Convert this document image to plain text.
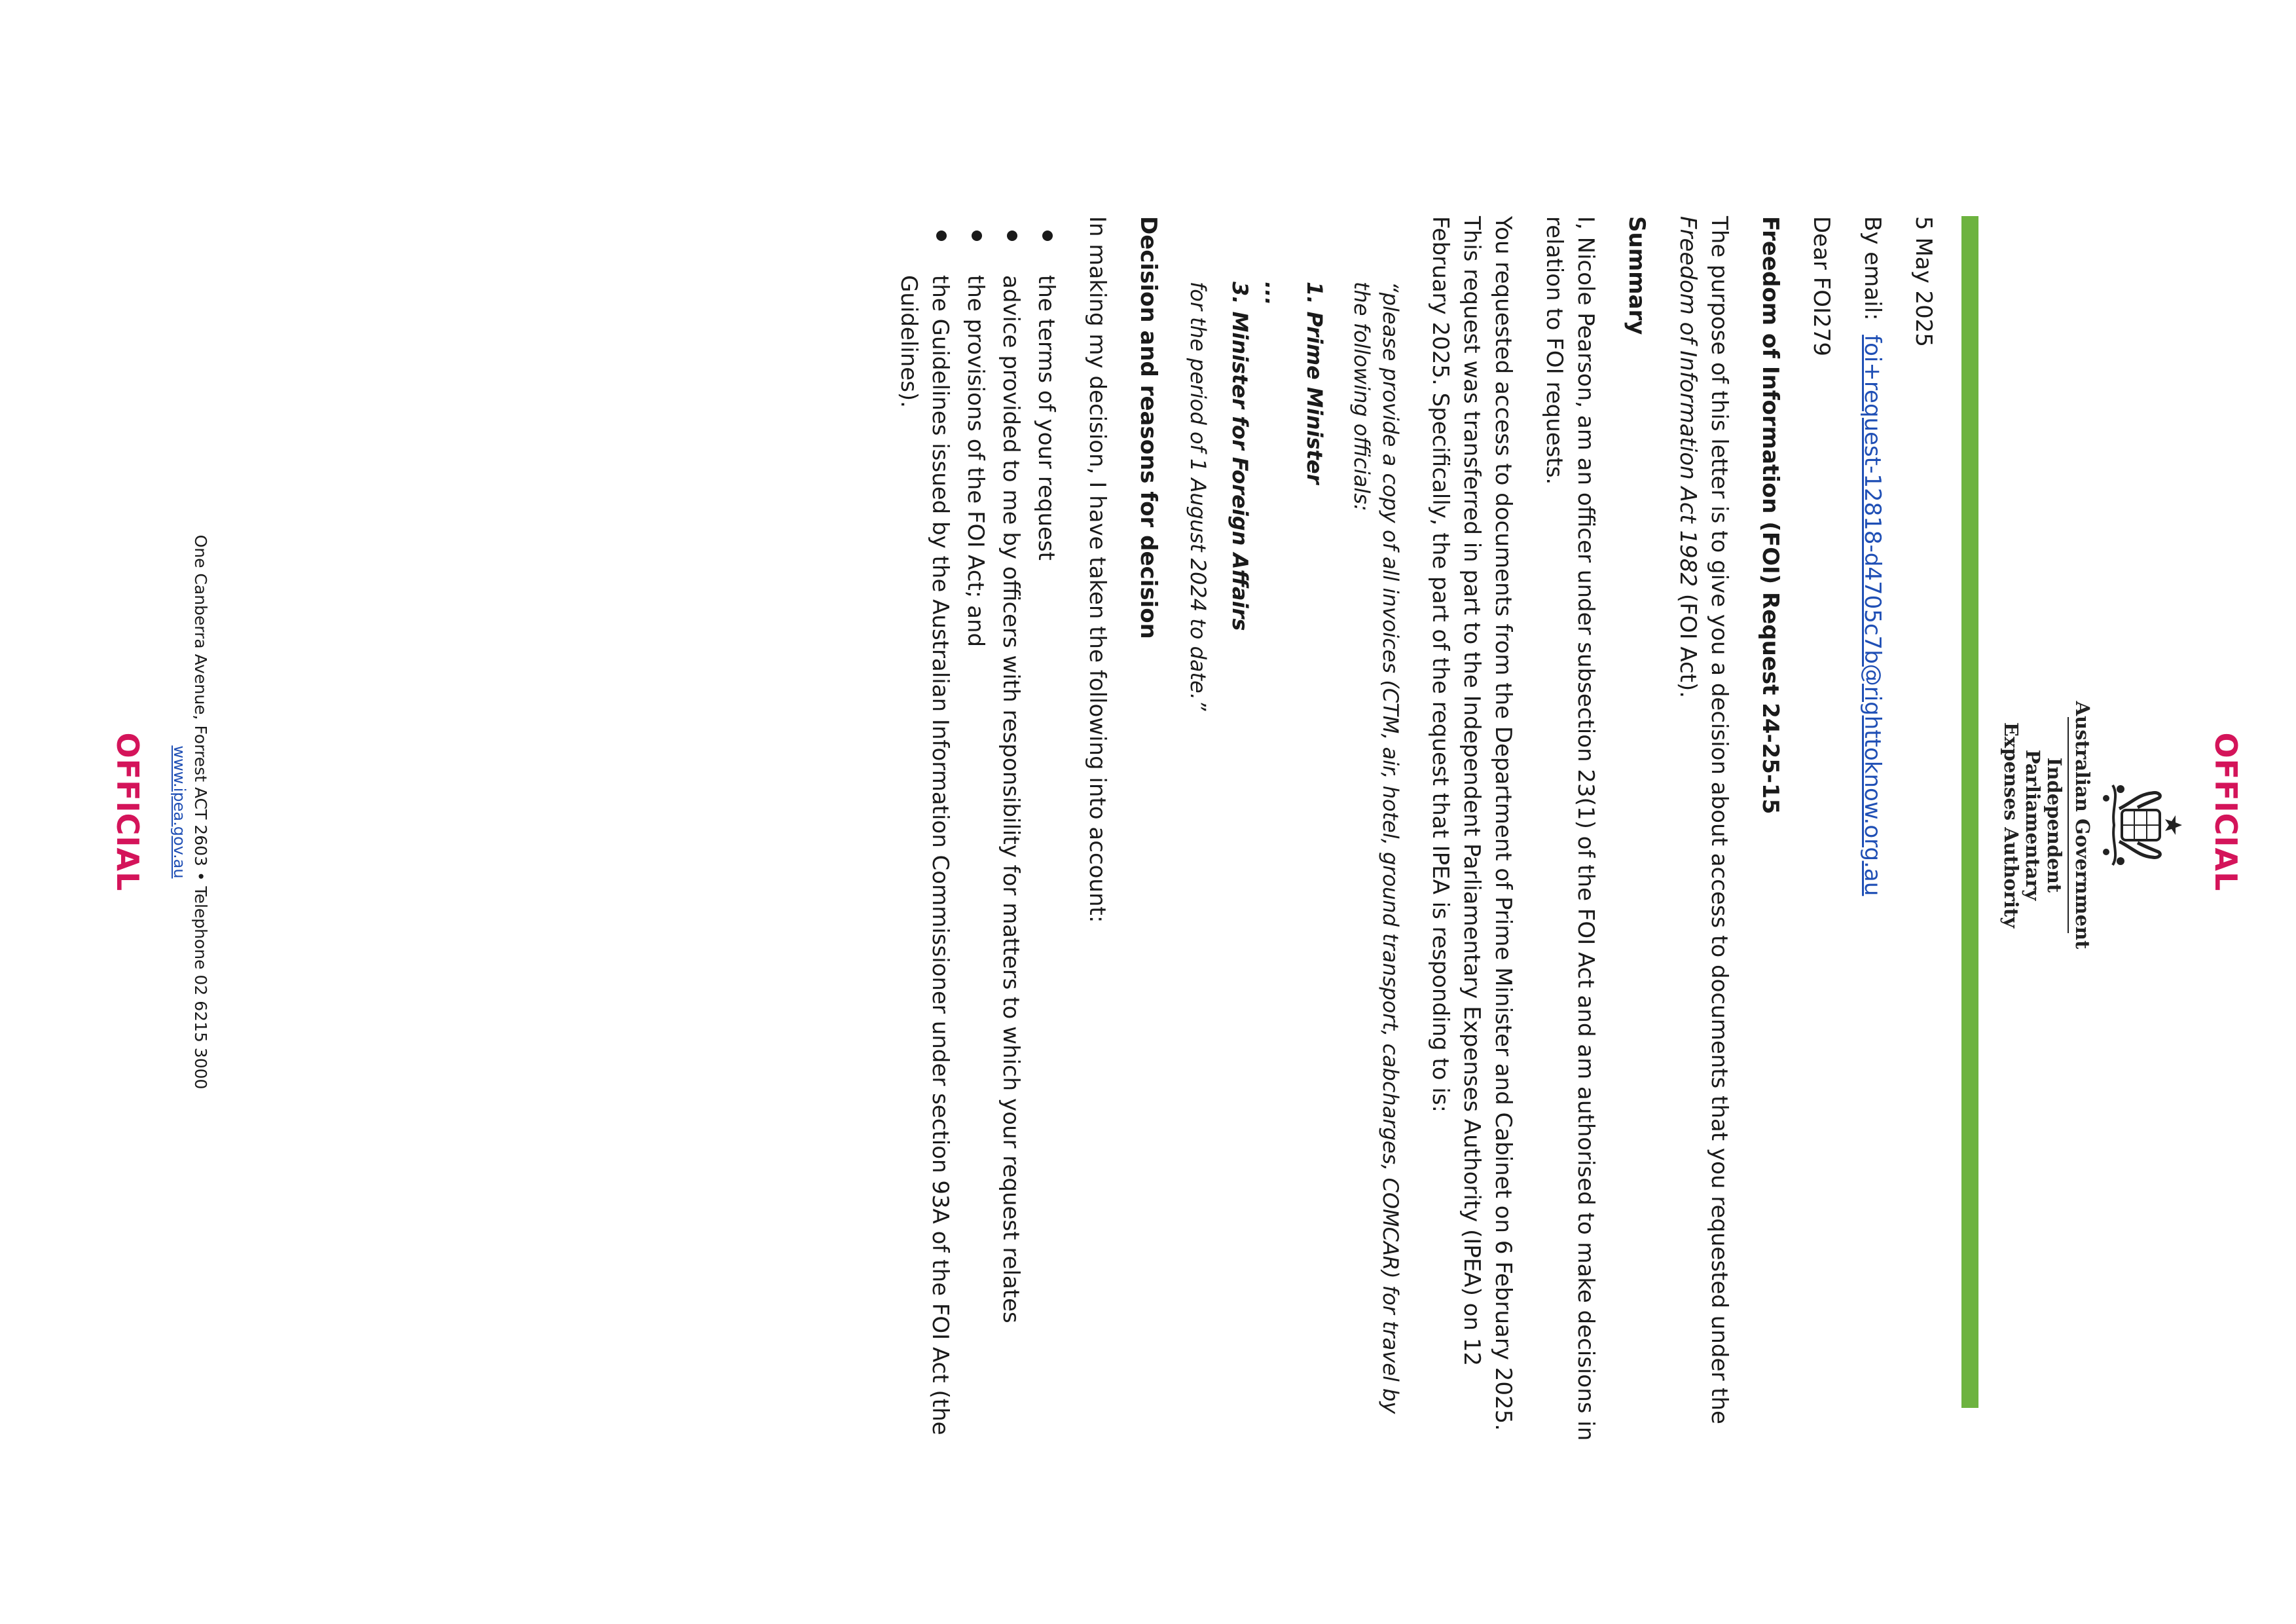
OFFICIAL
Australian Government
Independent Parliamentary
Expenses Authority

5 May 2025

By email:  foi+request-12818-d4705c7b@righttoknow.org.au

Dear FOI279

Freedom of Information (FOI) Request 24-25-15

The purpose of this letter is to give you a decision about access to documents that you requested under the Freedom of Information Act 1982 (FOI Act).

Summary

I, Nicole Pearson, am an officer under subsection 23(1) of the FOI Act and am authorised to make decisions in relation to FOI requests.

You requested access to documents from the Department of Prime Minister and Cabinet on 6 February 2025. This request was transferred in part to the Independent Parliamentary Expenses Authority (IPEA) on 12 February 2025. Specifically, the part of the request that IPEA is responding to is:

“please provide a copy of all invoices (CTM, air, hotel, ground transport, cabcharges, COMCAR) for travel by the following officials:
1. Prime Minister
...
3. Minister for Foreign Affairs
for the period of 1 August 2024 to date.”

Decision and reasons for decision

In making my decision, I have taken the following into account:

the terms of your request
advice provided to me by officers with responsibility for matters to which your request relates
the provisions of the FOI Act; and
the Guidelines issued by the Australian Information Commissioner under section 93A of the FOI Act (the Guidelines).
One Canberra Avenue, Forrest ACT 2603 • Telephone 02 6215 3000
www.ipea.gov.au
OFFICIAL
